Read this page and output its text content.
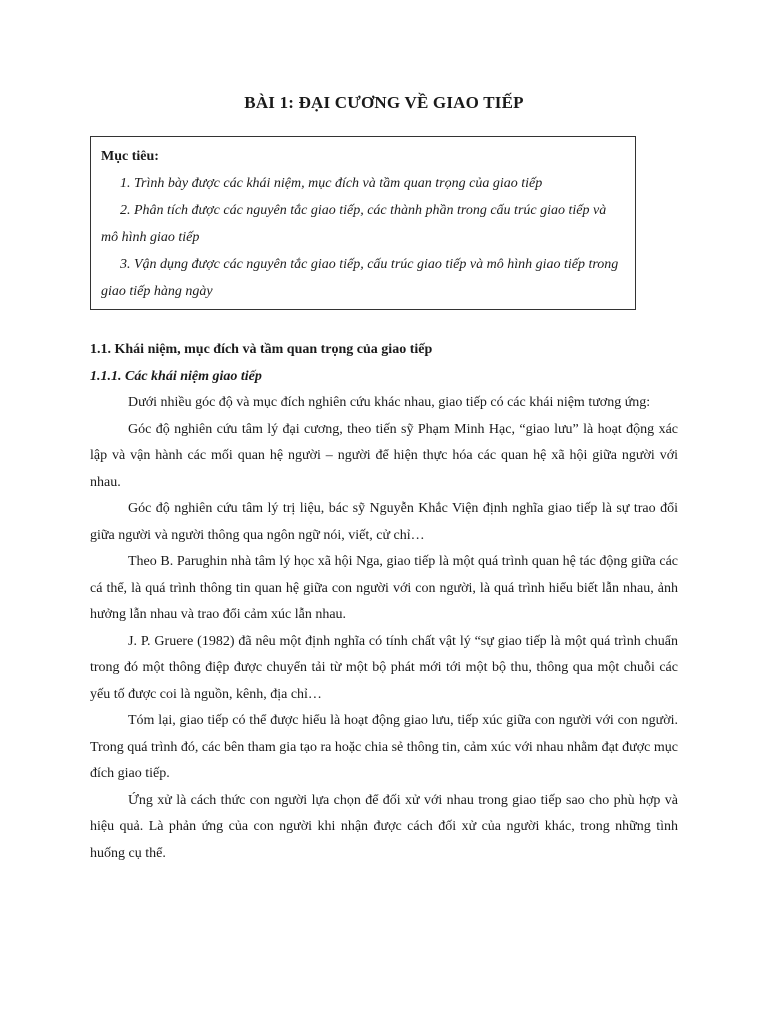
BÀI 1: ĐẠI CƯƠNG VỀ GIAO TIẾP

Mục tiêu:

1. Trình bày được các khái niệm, mục đích và tầm quan trọng của giao tiếp

2. Phân tích được các nguyên tắc giao tiếp, các thành phần trong cấu trúc giao tiếp và mô hình giao tiếp

3. Vận dụng được các nguyên tắc giao tiếp, cấu trúc giao tiếp và mô hình giao tiếp trong giao tiếp hàng ngày

1.1. Khái niệm, mục đích và tầm quan trọng của giao tiếp

1.1.1. Các khái niệm giao tiếp

Dưới nhiều góc độ và mục đích nghiên cứu khác nhau, giao tiếp có các khái niệm tương ứng:

Góc độ nghiên cứu tâm lý đại cương, theo tiến sỹ Phạm Minh Hạc, “giao lưu” là hoạt động xác lập và vận hành các mối quan hệ người – người để hiện thực hóa các quan hệ xã hội giữa người với nhau.

Góc độ nghiên cứu tâm lý trị liệu, bác sỹ Nguyễn Khắc Viện định nghĩa giao tiếp là sự trao đổi giữa người và người thông qua ngôn ngữ nói, viết, cử chỉ…

Theo B. Parughin nhà tâm lý học xã hội Nga, giao tiếp là một quá trình quan hệ tác động giữa các cá thể, là quá trình thông tin quan hệ giữa con người với con người, là quá trình hiểu biết lẫn nhau, ảnh hưởng lẫn nhau và trao đổi cảm xúc lẫn nhau.

J. P. Gruere (1982) đã nêu một định nghĩa có tính chất vật lý “sự giao tiếp là một quá trình chuẩn trong đó một thông điệp được chuyển tải từ một bộ phát mới tới một bộ thu, thông qua một chuỗi các yếu tố được coi là nguồn, kênh, địa chỉ…

Tóm lại, giao tiếp có thể được hiểu là hoạt động giao lưu, tiếp xúc giữa con người với con người. Trong quá trình đó, các bên tham gia tạo ra hoặc chia sẻ thông tin, cảm xúc với nhau nhằm đạt được mục đích giao tiếp.

Ứng xử là cách thức con người lựa chọn để đối xử với nhau trong giao tiếp sao cho phù hợp và hiệu quả. Là phản ứng của con người khi nhận được cách đối xử của người khác, trong những tình huống cụ thể.
